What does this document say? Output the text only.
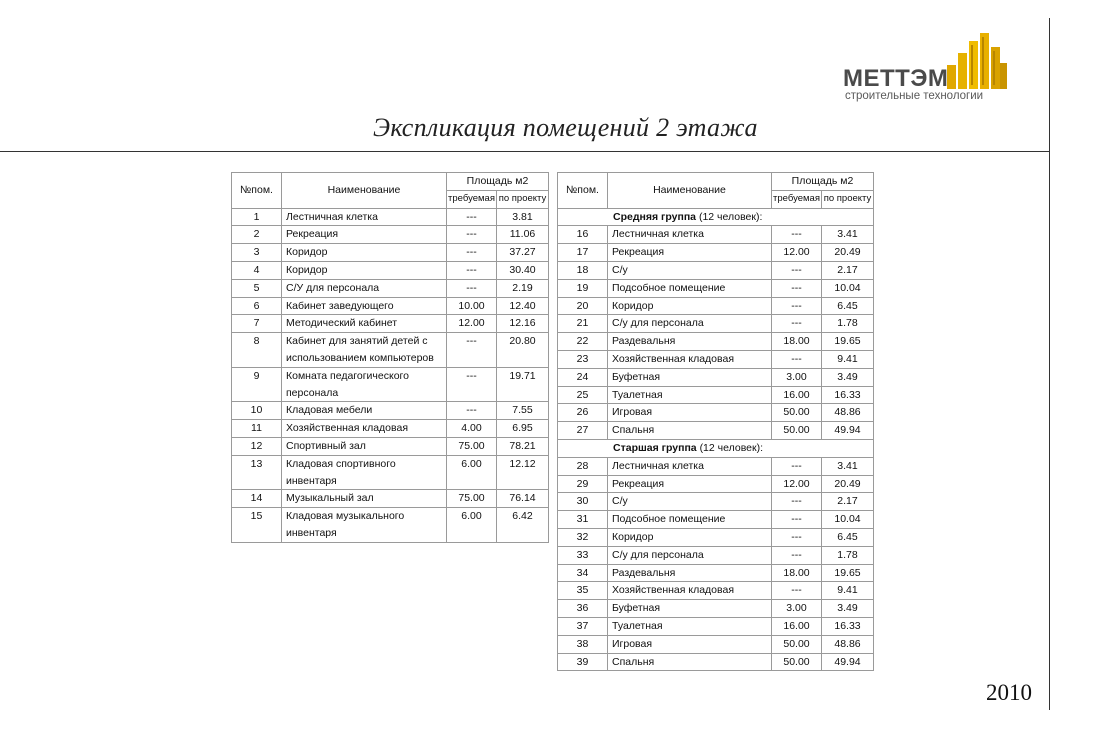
МЕТТЭМ
строительные технологии
Экспликация помещений 2 этажа
№пом.	Наименование	Площадь м2	
		требуемая	по проекту
1	Лестничная клетка	---	3.81
2	Рекреация	---	11.06
3	Коридор	---	37.27
4	Коридор	---	30.40
5	С/У для персонала	---	2.19
6	Кабинет заведующего	10.00	12.40
7	Методический кабинет	12.00	12.16
8	Кабинет для занятий детей с
использованием компьютеров	---	20.80
9	Комната педагогического
персонала	---	19.71
10	Кладовая мебели	---	7.55
11	Хозяйственная кладовая	4.00	6.95
12	Спортивный зал	75.00	78.21
13	Кладовая спортивного
инвентаря	6.00	12.12
14	Музыкальный зал	75.00	76.14
15	Кладовая музыкального
инвентаря	6.00	6.42
№пом.	Наименование	Площадь м2	
		требуемая	по проекту
Средняя группа (12 человек):			
16	Лестничная клетка	---	3.41
17	Рекреация	12.00	20.49
18	С/у	---	2.17
19	Подсобное помещение	---	10.04
20	Коридор	---	6.45
21	С/у для персонала	---	1.78
22	Раздевальня	18.00	19.65
23	Хозяйственная кладовая	---	9.41
24	Буфетная	3.00	3.49
25	Туалетная	16.00	16.33
26	Игровая	50.00	48.86
27	Спальня	50.00	49.94
Старшая группа (12 человек):			
28	Лестничная клетка	---	3.41
29	Рекреация	12.00	20.49
30	С/у	---	2.17
31	Подсобное помещение	---	10.04
32	Коридор	---	6.45
33	С/у для персонала	---	1.78
34	Раздевальня	18.00	19.65
35	Хозяйственная кладовая	---	9.41
36	Буфетная	3.00	3.49
37	Туалетная	16.00	16.33
38	Игровая	50.00	48.86
39	Спальня	50.00	49.94
2010
